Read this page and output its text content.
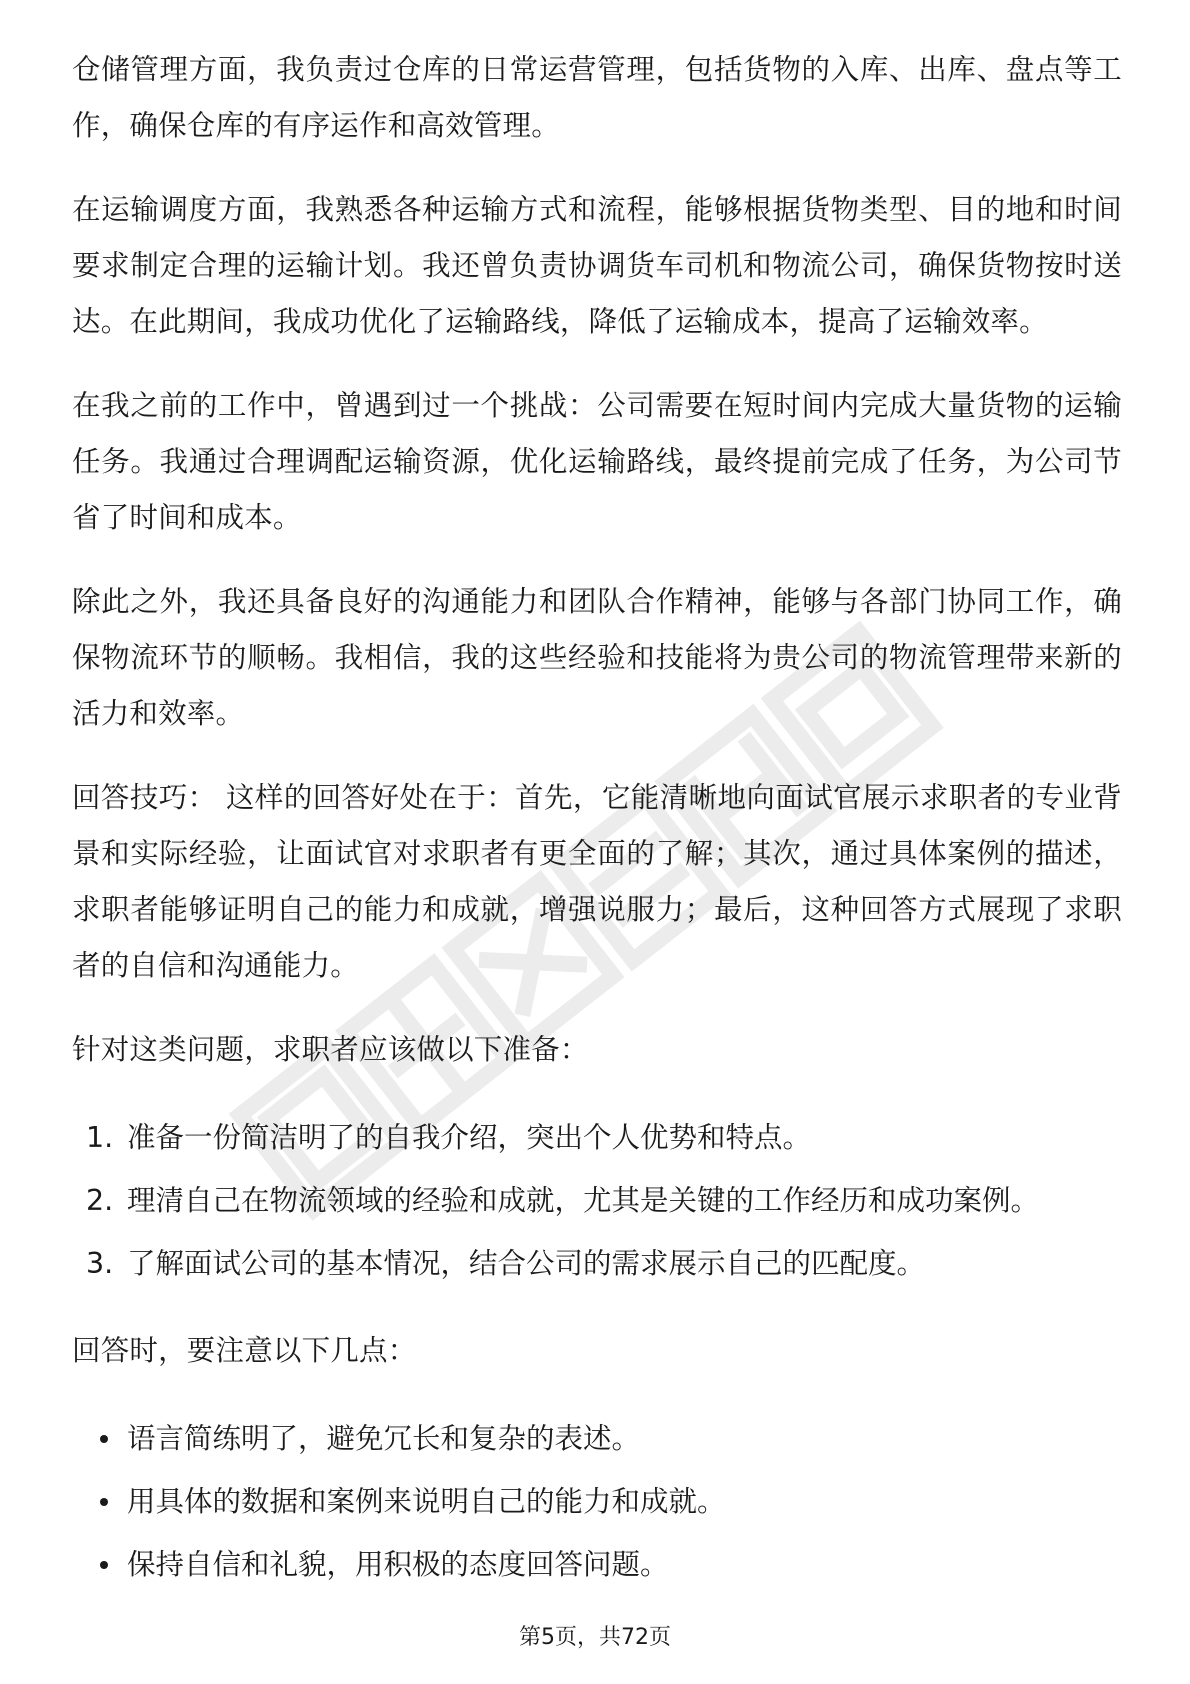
仓储管理方面，我负责过仓库的日常运营管理，包括货物的入库、出库、盘点等工作，确保仓库的有序运作和高效管理。

在运输调度方面，我熟悉各种运输方式和流程，能够根据货物类型、目的地和时间要求制定合理的运输计划。我还曾负责协调货车司机和物流公司，确保货物按时送达。在此期间，我成功优化了运输路线，降低了运输成本，提高了运输效率。

在我之前的工作中，曾遇到过一个挑战：公司需要在短时间内完成大量货物的运输任务。我通过合理调配运输资源，优化运输路线，最终提前完成了任务，为公司节省了时间和成本。

除此之外，我还具备良好的沟通能力和团队合作精神，能够与各部门协同工作，确保物流环节的顺畅。我相信，我的这些经验和技能将为贵公司的物流管理带来新的活力和效率。

回答技巧： 这样的回答好处在于：首先，它能清晰地向面试官展示求职者的专业背景和实际经验，让面试官对求职者有更全面的了解；其次，通过具体案例的描述，求职者能够证明自己的能力和成就，增强说服力；最后，这种回答方式展现了求职者的自信和沟通能力。

针对这类问题，求职者应该做以下准备：

1. 准备一份简洁明了的自我介绍，突出个人优势和特点。
2. 理清自己在物流领域的经验和成就，尤其是关键的工作经历和成功案例。
3. 了解面试公司的基本情况，结合公司的需求展示自己的匹配度。

回答时，要注意以下几点：

语言简练明了，避免冗长和复杂的表述。
用具体的数据和案例来说明自己的能力和成就。
保持自信和礼貌，用积极的态度回答问题。
第5页，共72页
